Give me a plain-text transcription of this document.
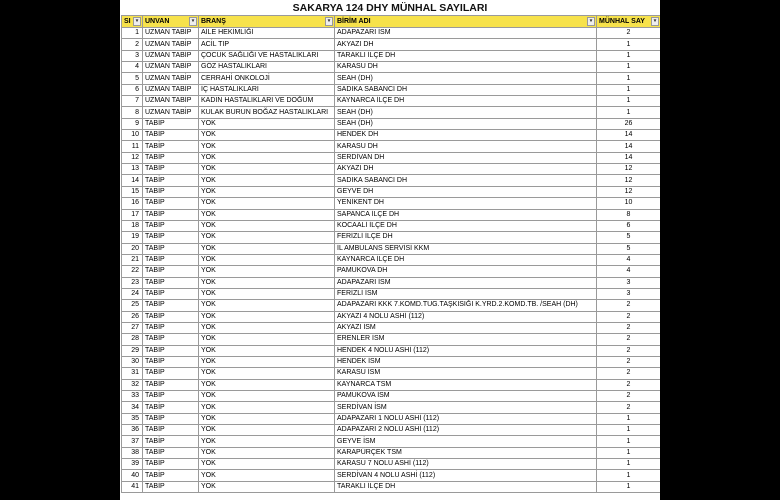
SAKARYA 124 DHY MÜNHAL SAYILARI
SI ▾	UNVAN ▾	BRANŞ ▾	BİRİM ADI ▾	MÜNHAL SAY ▾

1	UZMAN TABİP	AİLE HEKİMLİĞİ	ADAPAZARI İSM	2
2	UZMAN TABİP	ACİL TIP	AKYAZI DH	1
3	UZMAN TABİP	ÇOCUK SAĞLIĞI VE HASTALIKLARI	TARAKLI İLÇE DH	1
4	UZMAN TABİP	GÖZ HASTALIKLARI	KARASU DH	1
5	UZMAN TABİP	CERRAHİ ONKOLOJİ	SEAH (DH)	1
6	UZMAN TABİP	İÇ HASTALIKLARI	SADIKA SABANCI DH	1
7	UZMAN TABİP	KADIN HASTALIKLARI VE DOĞUM	KAYNARCA İLÇE DH	1
8	UZMAN TABİP	KULAK BURUN BOĞAZ HASTALIKLARI	SEAH (DH)	1
9	TABİP	YOK	SEAH (DH)	26
10	TABİP	YOK	HENDEK DH	14
11	TABİP	YOK	KARASU DH	14
12	TABİP	YOK	SERDİVAN DH	14
13	TABİP	YOK	AKYAZI DH	12
14	TABİP	YOK	SADIKA SABANCI DH	12
15	TABİP	YOK	GEYVE DH	12
16	TABİP	YOK	YENİKENT DH	10
17	TABİP	YOK	SAPANCA İLÇE DH	8
18	TABİP	YOK	KOCAALİ İLÇE DH	6
19	TABİP	YOK	FERİZLİ İLÇE DH	5
20	TABİP	YOK	İL AMBULANS SERVİSİ KKM	5
21	TABİP	YOK	KAYNARCA İLÇE DH	4
22	TABİP	YOK	PAMUKOVA DH	4
23	TABİP	YOK	ADAPAZARI İSM	3
24	TABİP	YOK	FERİZLİ İSM	3
25	TABİP	YOK	ADAPAZARI KKK 7.KOMD.TUG.TAŞKISIĞI K.YRD.2.KOMD.TB. /SEAH (DH)	2
26	TABİP	YOK	AKYAZI 4 NOLU ASHİ (112)	2
27	TABİP	YOK	AKYAZI İSM	2
28	TABİP	YOK	ERENLER İSM	2
29	TABİP	YOK	HENDEK 4 NOLU ASHİ (112)	2
30	TABİP	YOK	HENDEK İSM	2
31	TABİP	YOK	KARASU İSM	2
32	TABİP	YOK	KAYNARCA TSM	2
33	TABİP	YOK	PAMUKOVA İSM	2
34	TABİP	YOK	SERDİVAN İSM	2
35	TABİP	YOK	ADAPAZARI 1 NOLU ASHİ (112)	1
36	TABİP	YOK	ADAPAZARI 2 NOLU ASHİ (112)	1
37	TABİP	YOK	GEYVE İSM	1
38	TABİP	YOK	KARAPÜRÇEK TSM	1
39	TABİP	YOK	KARASU 7 NOLU ASHİ (112)	1
40	TABİP	YOK	SERDİVAN 4 NOLU ASHİ (112)	1
41	TABİP	YOK	TARAKLI İLÇE DH	1
